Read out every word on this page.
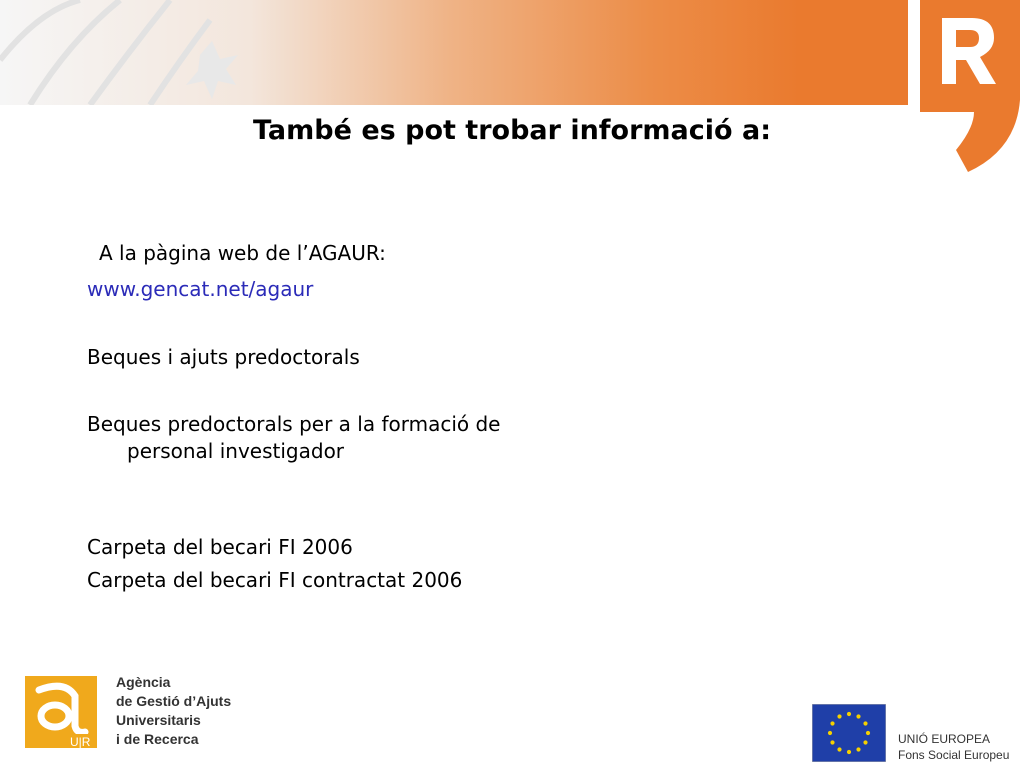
També es pot trobar informació a:
A la pàgina web de l’AGAUR:
www.gencat.net/agaur
Beques i ajuts predoctorals
Beques predoctorals per a la formació de personal investigador
Carpeta del becari FI 2006
Carpeta del becari FI contractat 2006
U|R
Agència
de Gestió d’Ajuts
Universitaris
i de Recerca	UNIÓ EUROPEA
Fons Social Europeu
